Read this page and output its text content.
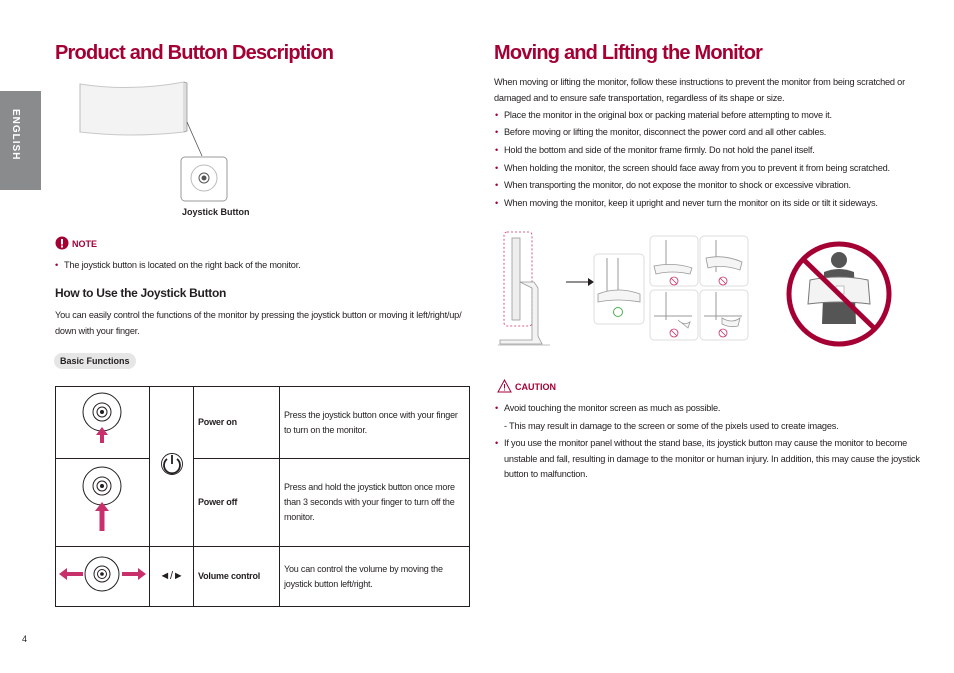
ENGLISH
Product and Button Description
Joystick Button
NOTE
• The joystick button is located on the right back of the monitor.
How to Use the Joystick Button
You can easily control the functions of the monitor by pressing the joystick button or moving it left/right/up/
down with your finger.
Basic Functions
		Power on	Press the joystick button once with your finger
to turn on the monitor.

	Power off	Press and hold the joystick button once more
than 3 seconds with your finger to turn off the
monitor.

	◄/►	Volume control	You can control the volume by moving the
joystick button left/right.
4
Moving and Lifting the Monitor
When moving or lifting the monitor, follow these instructions to prevent the monitor from being scratched or
damaged and to ensure safe transportation, regardless of its shape or size.
• Place the monitor in the original box or packing material before attempting to move it.
• Before moving or lifting the monitor, disconnect the power cord and all other cables.
• Hold the bottom and side of the monitor frame firmly. Do not hold the panel itself.
• When holding the monitor, the screen should face away from you to prevent it from being scratched.
• When transporting the monitor, do not expose the monitor to shock or excessive vibration.
• When moving the monitor, keep it upright and never turn the monitor on its side or tilt it sideways.
CAUTION
• Avoid touching the monitor screen as much as possible.
- This may result in damage to the screen or some of the pixels used to create images.
• If you use the monitor panel without the stand base, its joystick button may cause the monitor to become
unstable and fall, resulting in damage to the monitor or human injury. In addition, this may cause the joystick
button to malfunction.
